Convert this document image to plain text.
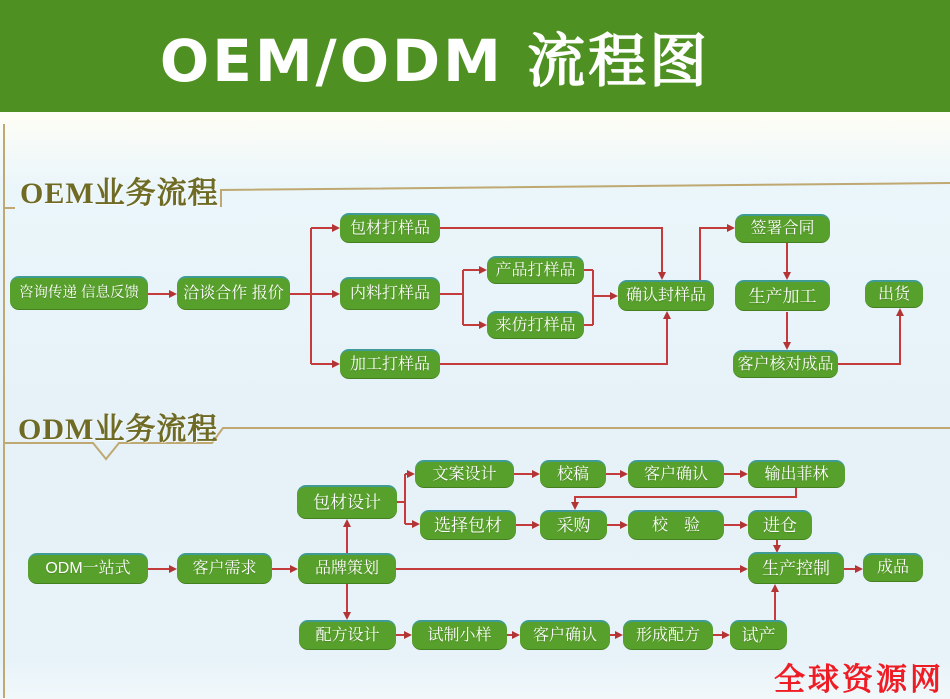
OEM/ODM 流程图
OEM业务流程
ODM业务流程
咨询传递 信息反馈	洽谈合作 报价
包材打样品
内料打样品
加工打样品
产品打样品
来仿打样品
确认封样品
签署合同
生产加工	出货
客户核对成品
ODM一站式	客户需求	品牌策划
包材设计
文案设计	校稿	客户确认	输出菲林
选择包材	采购	校　验	进仓
生产控制	成品
配方设计	试制小样	客户确认	形成配方	试产
全球资源网
